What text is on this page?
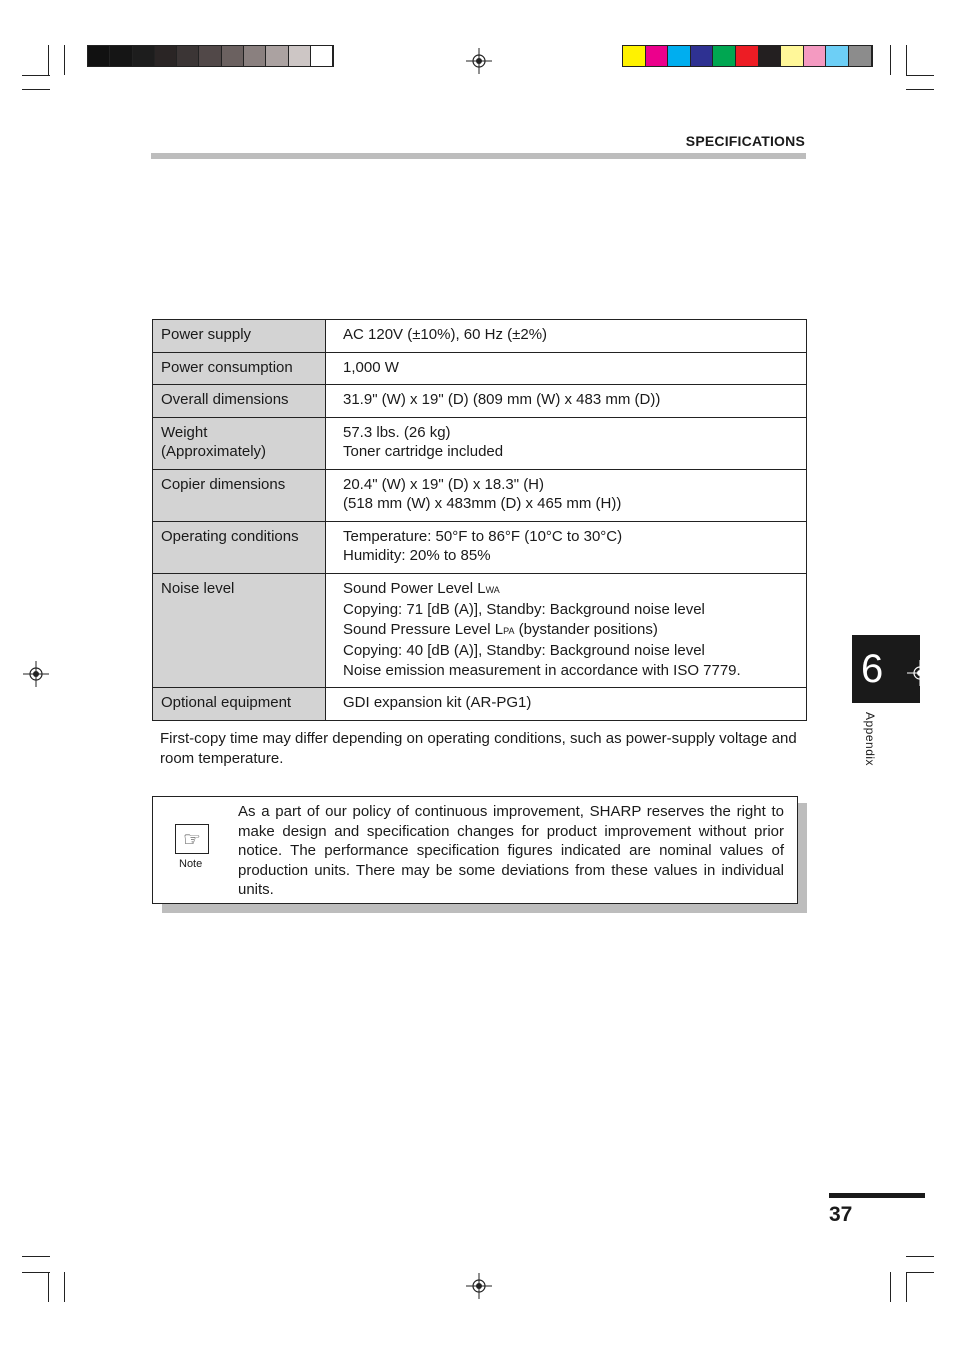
SPECIFICATIONS
Power supply	AC 120V (±10%), 60 Hz (±2%)

Power consumption	1,000 W

Overall dimensions	31.9" (W) x 19" (D) (809 mm (W) x 483 mm (D))

Weight
(Approximately)	57.3 lbs. (26 kg)
Toner cartridge included

Copier dimensions	20.4" (W) x 19" (D) x 18.3" (H)
(518 mm (W) x 483mm (D) x 465 mm (H))

Operating conditions	Temperature: 50°F to 86°F (10°C to 30°C)
Humidity: 20% to 85%

Noise level	Sound Power Level LWA
Copying: 71 [dB (A)], Standby: Background noise level
Sound Pressure Level LPA (bystander positions)
Copying: 40 [dB (A)], Standby: Background noise level
Noise emission measurement in accordance with ISO 7779.

Optional equipment	GDI expansion kit (AR-PG1)
First-copy time may differ depending on operating conditions, such as power-supply voltage and room temperature.
☞
Note
As a part of our policy of continuous improvement, SHARP reserves the right to make design and specification changes for product improvement without prior notice. The performance specification figures indicated are nominal values of production units. There may be some deviations from these values in individual units.
6
Appendix
37
